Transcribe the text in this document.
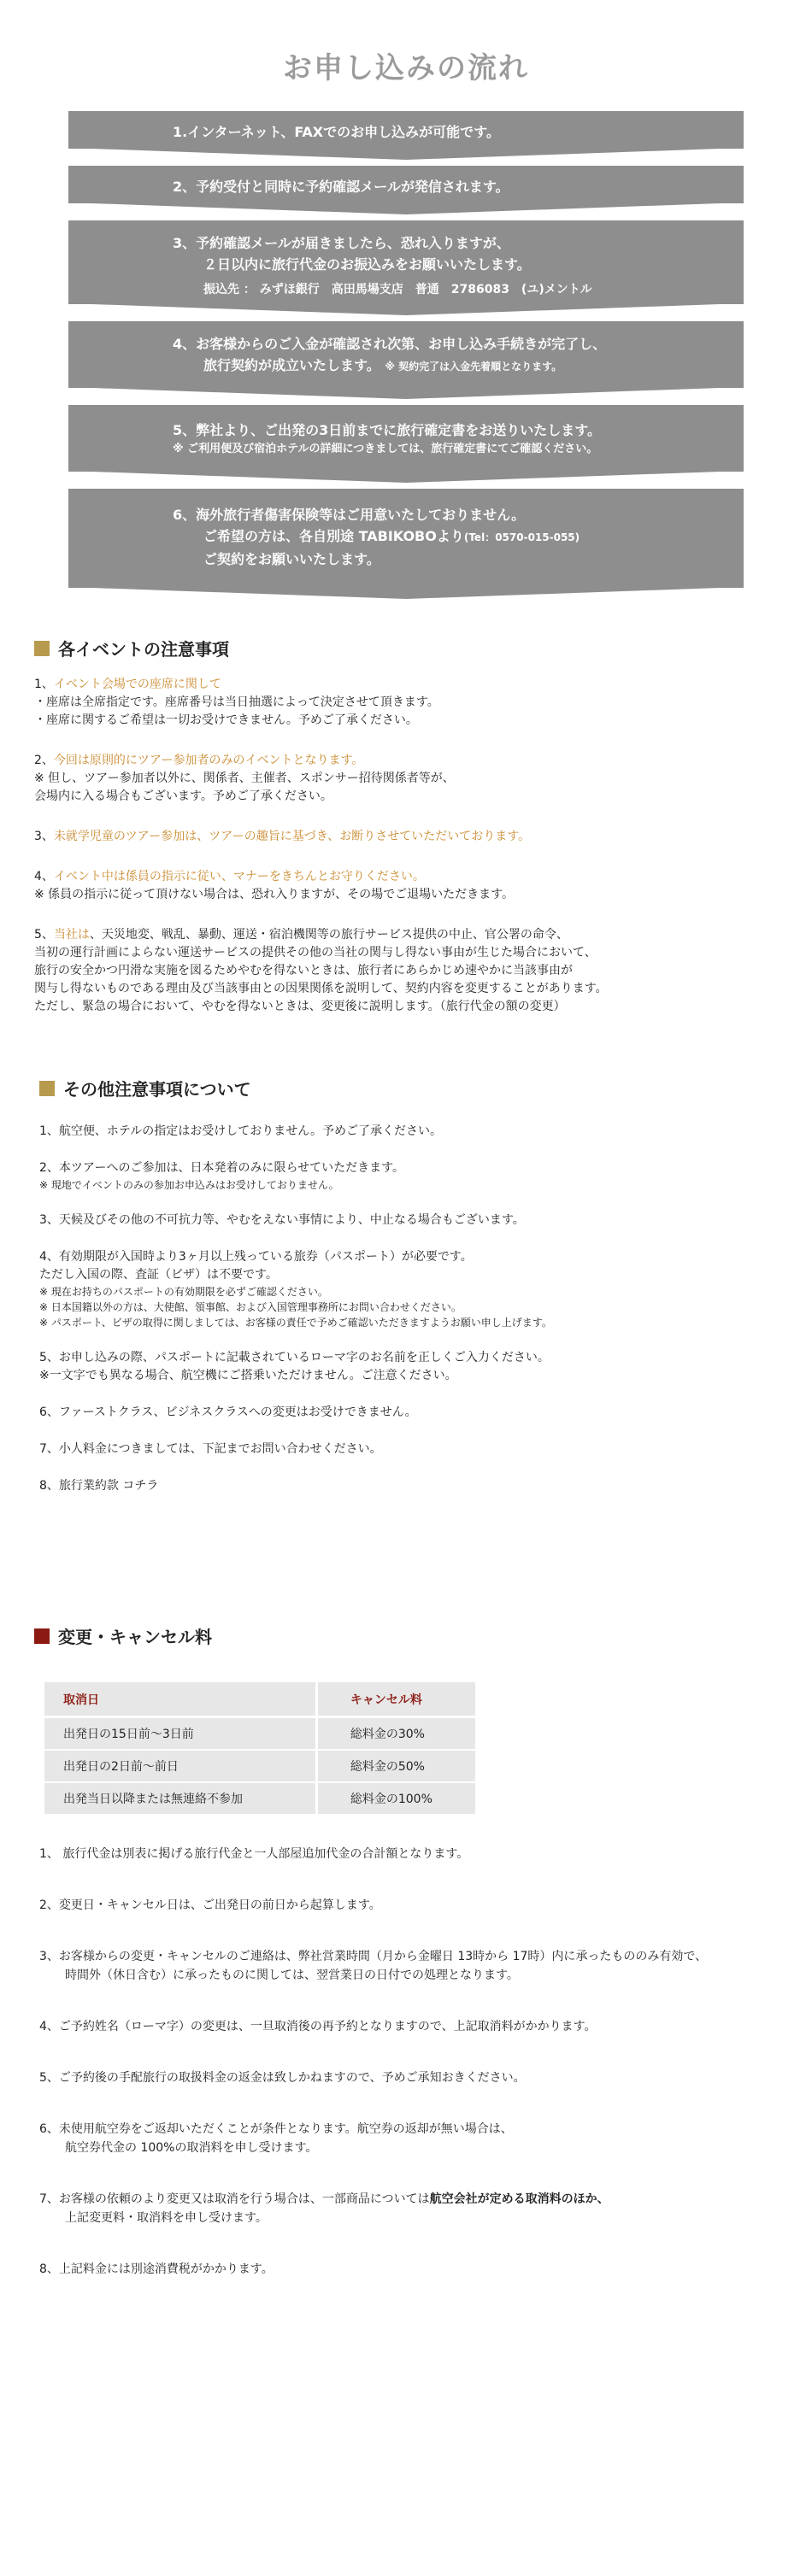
お申し込みの流れ
1.インターネット、FAXでのお申し込みが可能です。
2、予約受付と同時に予約確認メールが発信されます。
3、予約確認メールが届きましたら、恐れ入りますが、
２日以内に旅行代金のお振込みをお願いいたします。
振込先 ： みずほ銀行　高田馬場支店　普通　2786083　(ユ)メントル
4、お客様からのご入金が確認され次第、お申し込み手続きが完了し、
旅行契約が成立いたします。 ※ 契約完了は入金先着順となります。
5、弊社より、ご出発の3日前までに旅行確定書をお送りいたします。
※ ご利用便及び宿泊ホテルの詳細につきましては、旅行確定書にてご確認ください。
6、海外旅行者傷害保険等はご用意いたしておりません。
ご希望の方は、各自別途 TABIKOBOより(Tel：0570-015-055)
ご契約をお願いいたします。
各イベントの注意事項
1、イベント会場での座席に関して
・座席は全席指定です。座席番号は当日抽選によって決定させて頂きます。
・座席に関するご希望は一切お受けできません。予めご了承ください。
2、今回は原則的にツアー参加者のみのイベントとなります。
※ 但し、ツアー参加者以外に、関係者、主催者、スポンサー招待関係者等が、
会場内に入る場合もございます。予めご了承ください。
3、未就学児童のツアー参加は、ツアーの趣旨に基づき、お断りさせていただいております。
4、イベント中は係員の指示に従い、マナーをきちんとお守りください。
※ 係員の指示に従って頂けない場合は、恐れ入りますが、その場でご退場いただきます。
5、当社は、天災地変、戦乱、暴動、運送・宿泊機関等の旅行サービス提供の中止、官公署の命令、
当初の運行計画によらない運送サービスの提供その他の当社の関与し得ない事由が生じた場合において、
旅行の安全かつ円滑な実施を図るためやむを得ないときは、旅行者にあらかじめ速やかに当該事由が
関与し得ないものである理由及び当該事由との因果関係を説明して、契約内容を変更することがあります。
ただし、緊急の場合において、やむを得ないときは、変更後に説明します。（旅行代金の額の変更）
その他注意事項について
1、航空便、ホテルの指定はお受けしておりません。予めご了承ください。
2、本ツアーへのご参加は、日本発着のみに限らせていただきます。
※ 現地でイベントのみの参加お申込みはお受けしておりません。
3、天候及びその他の不可抗力等、やむをえない事情により、中止なる場合もございます。
4、有効期限が入国時より3ヶ月以上残っている旅券（パスポート）が必要です。
ただし入国の際、査証（ビザ）は不要です。
※ 現在お持ちのパスポートの有効期限を必ずご確認ください。
※ 日本国籍以外の方は、大使館、領事館、および入国管理事務所にお問い合わせください。
※ パスポート、ビザの取得に関しましては、お客様の責任で予めご確認いただきますようお願い申し上げます。
5、お申し込みの際、パスポートに記載されているローマ字のお名前を正しくご入力ください。
※一文字でも異なる場合、航空機にご搭乗いただけません。ご注意ください。
6、ファーストクラス、ビジネスクラスへの変更はお受けできません。
7、小人料金につきましては、下記までお問い合わせください。
8、旅行業約款 コチラ
変更・キャンセル料
取消日	キャンセル料
出発日の15日前～3日前	総料金の30%
出発日の2日前～前日	総料金の50%
出発当日以降または無連絡不参加	総料金の100%
1、 旅行代金は別表に掲げる旅行代金と一人部屋追加代金の合計額となります。
2、変更日・キャンセル日は、ご出発日の前日から起算します。
3、お客様からの変更・キャンセルのご連絡は、弊社営業時間（月から金曜日 13時から 17時）内に承ったもののみ有効で、
時間外（休日含む）に承ったものに関しては、翌営業日の日付での処理となります。
4、ご予約姓名（ローマ字）の変更は、一旦取消後の再予約となりますので、上記取消料がかかります。
5、ご予約後の手配旅行の取扱料金の返金は致しかねますので、予めご承知おきください。
6、未使用航空券をご返却いただくことが条件となります。航空券の返却が無い場合は、
航空券代金の 100%の取消料を申し受けます。
7、お客様の依頼のより変更又は取消を行う場合は、一部商品については航空会社が定める取消料のほか、
上記変更料・取消料を申し受けます。
8、上記料金には別途消費税がかかります。
